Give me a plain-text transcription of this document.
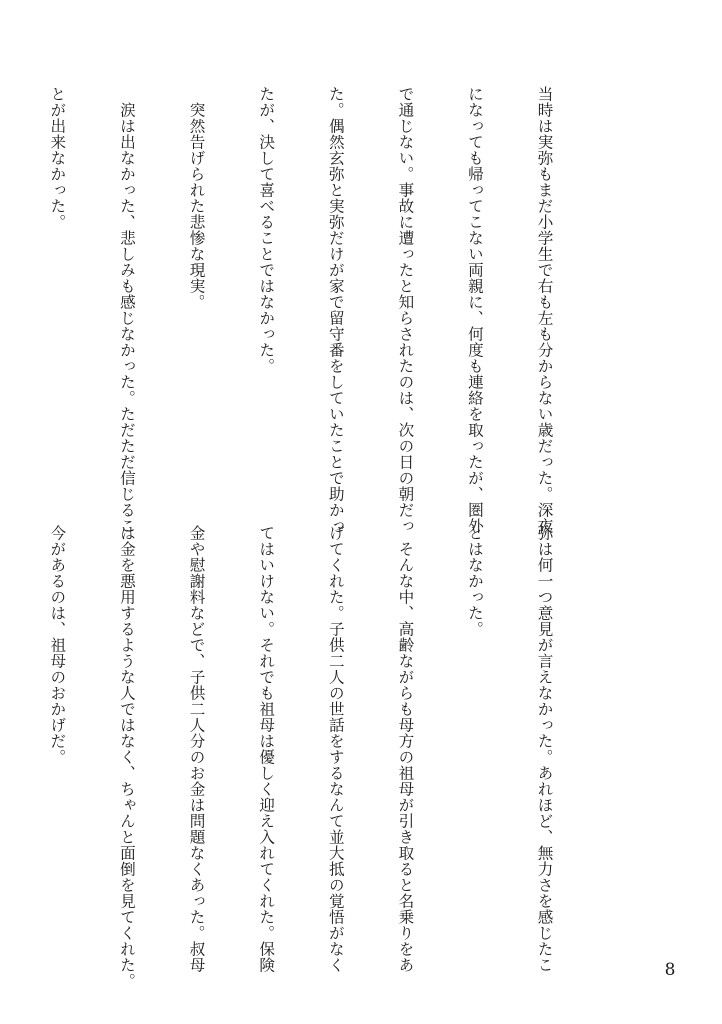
当時は実弥もまだ小学生で右も左も分からない歳だった。深夜

になっても帰ってこない両親に、何度も連絡を取ったが、圏外

で通じない。事故に遭ったと知らされたのは、次の日の朝だっ

た。偶然玄弥と実弥だけが家で留守番をしていたことで助かっ

たが、決して喜べることではなかった。

　突然告げられた悲惨な現実。

　涙は出なかった、悲しみも感じなかった。ただただ信じるこ

とが出来なかった。

弥は何一つ意見が言えなかった。あれほど、無力さを感じたこ

とはなかった。

　そんな中、高齢ながらも母方の祖母が引き取ると名乗りをあ

げてくれた。子供二人の世話をするなんて並大抵の覚悟がなく

てはいけない。それでも祖母は優しく迎え入れてくれた。保険

金や慰謝料などで、子供二人分のお金は問題なくあった。叔母

は金を悪用するような人ではなく、ちゃんと面倒を見てくれた。

今があるのは、祖母のおかげだ。

8
